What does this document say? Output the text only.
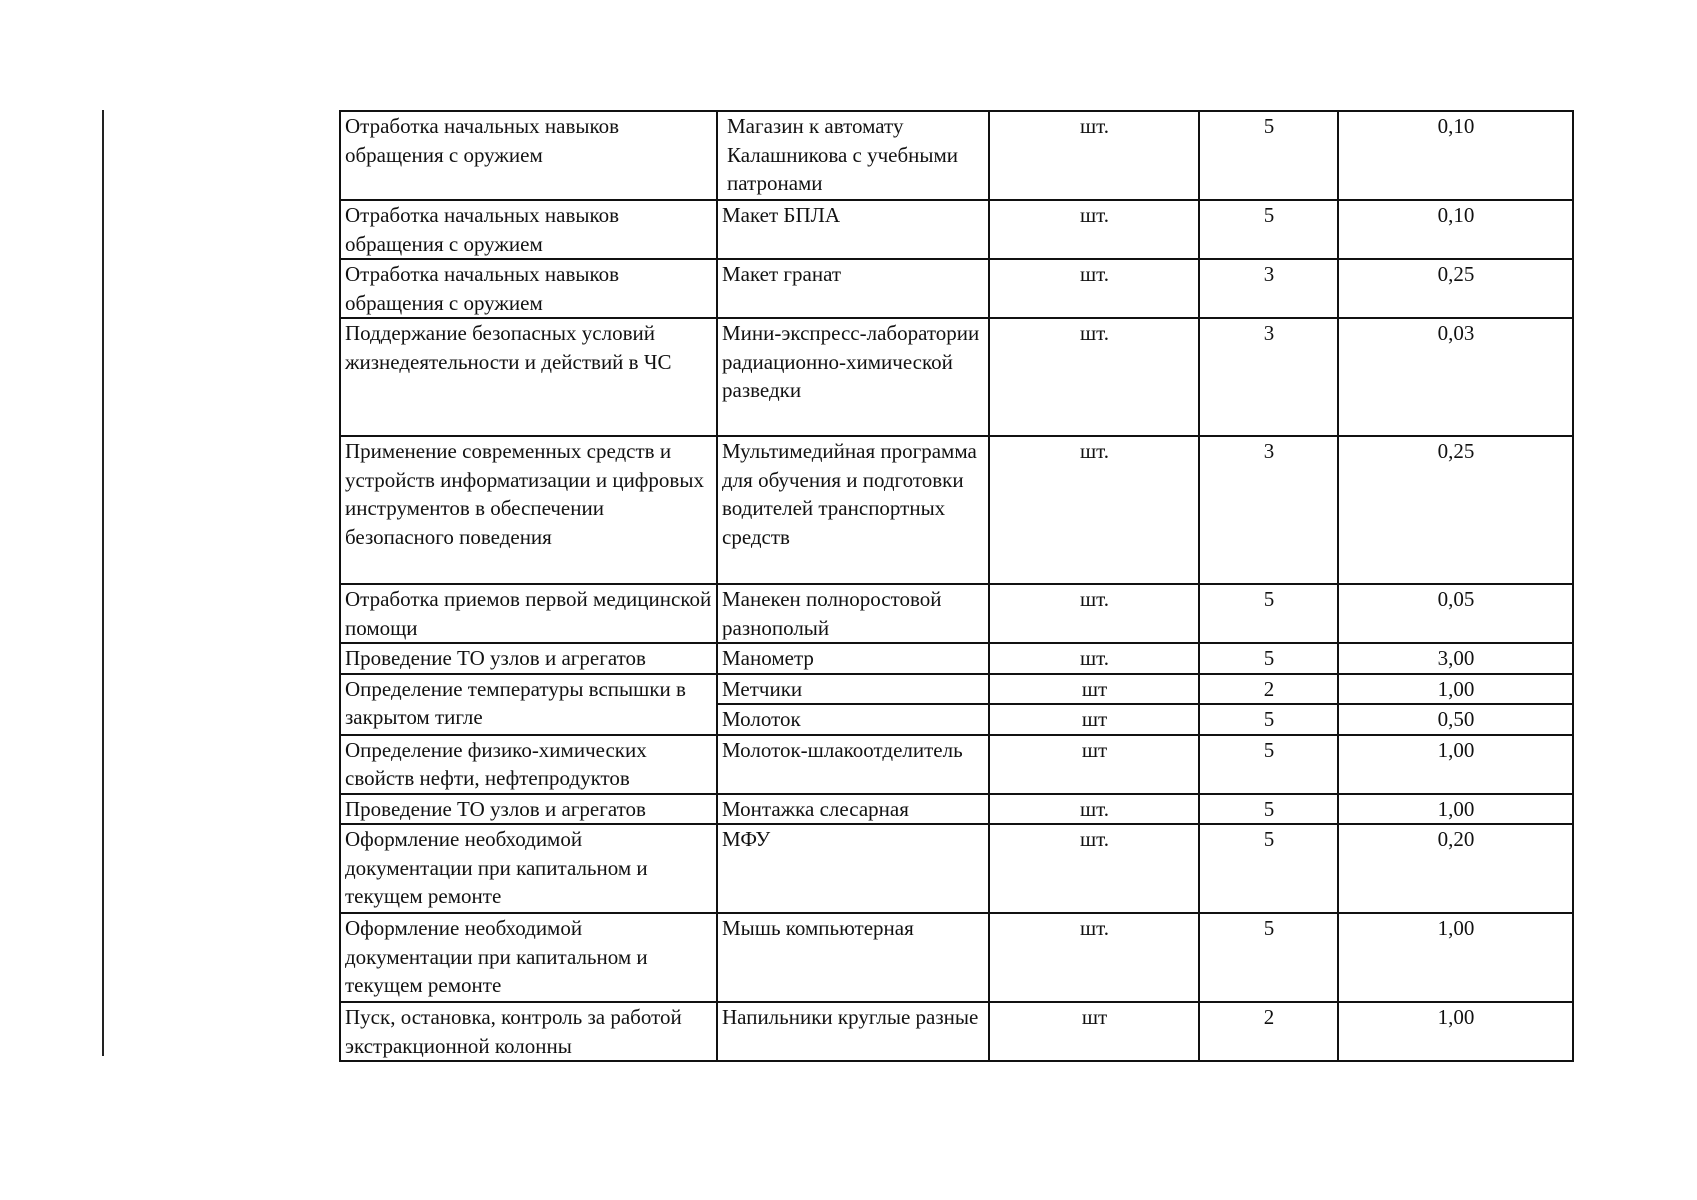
Отработка начальных навыков обращения с оружием	Магазин к автомату Калашникова с учебными патронами	шт.	5	0,10
Отработка начальных навыков обращения с оружием	Макет БПЛА	шт.	5	0,10
Отработка начальных навыков обращения с оружием	Макет гранат	шт.	3	0,25
Поддержание безопасных условий жизнедеятельности и действий в ЧС	Мини-экспресс-лаборатории радиационно-химической разведки	шт.	3	0,03
Применение современных средств и устройств информатизации и цифровых инструментов в обеспечении безопасного поведения	Мультимедийная программа для обучения и подготовки водителей транспортных средств	шт.	3	0,25
Отработка приемов первой медицинской помощи	Манекен полноростовой разнополый	шт.	5	0,05
Проведение ТО узлов и агрегатов	Манометр	шт.	5	3,00
Определение температуры вспышки в закрытом тигле	Метчики	шт	2	1,00
	Молоток	шт	5	0,50
Определение физико-химических свойств нефти, нефтепродуктов	Молоток-шлакоотделитель	шт	5	1,00
Проведение ТО узлов и агрегатов	Монтажка слесарная	шт.	5	1,00
Оформление необходимой документации при капитальном и текущем ремонте	МФУ	шт.	5	0,20
Оформление необходимой документации при капитальном и текущем ремонте	Мышь компьютерная	шт.	5	1,00
Пуск, остановка, контроль за работой экстракционной колонны	Напильники круглые разные	шт	2	1,00
